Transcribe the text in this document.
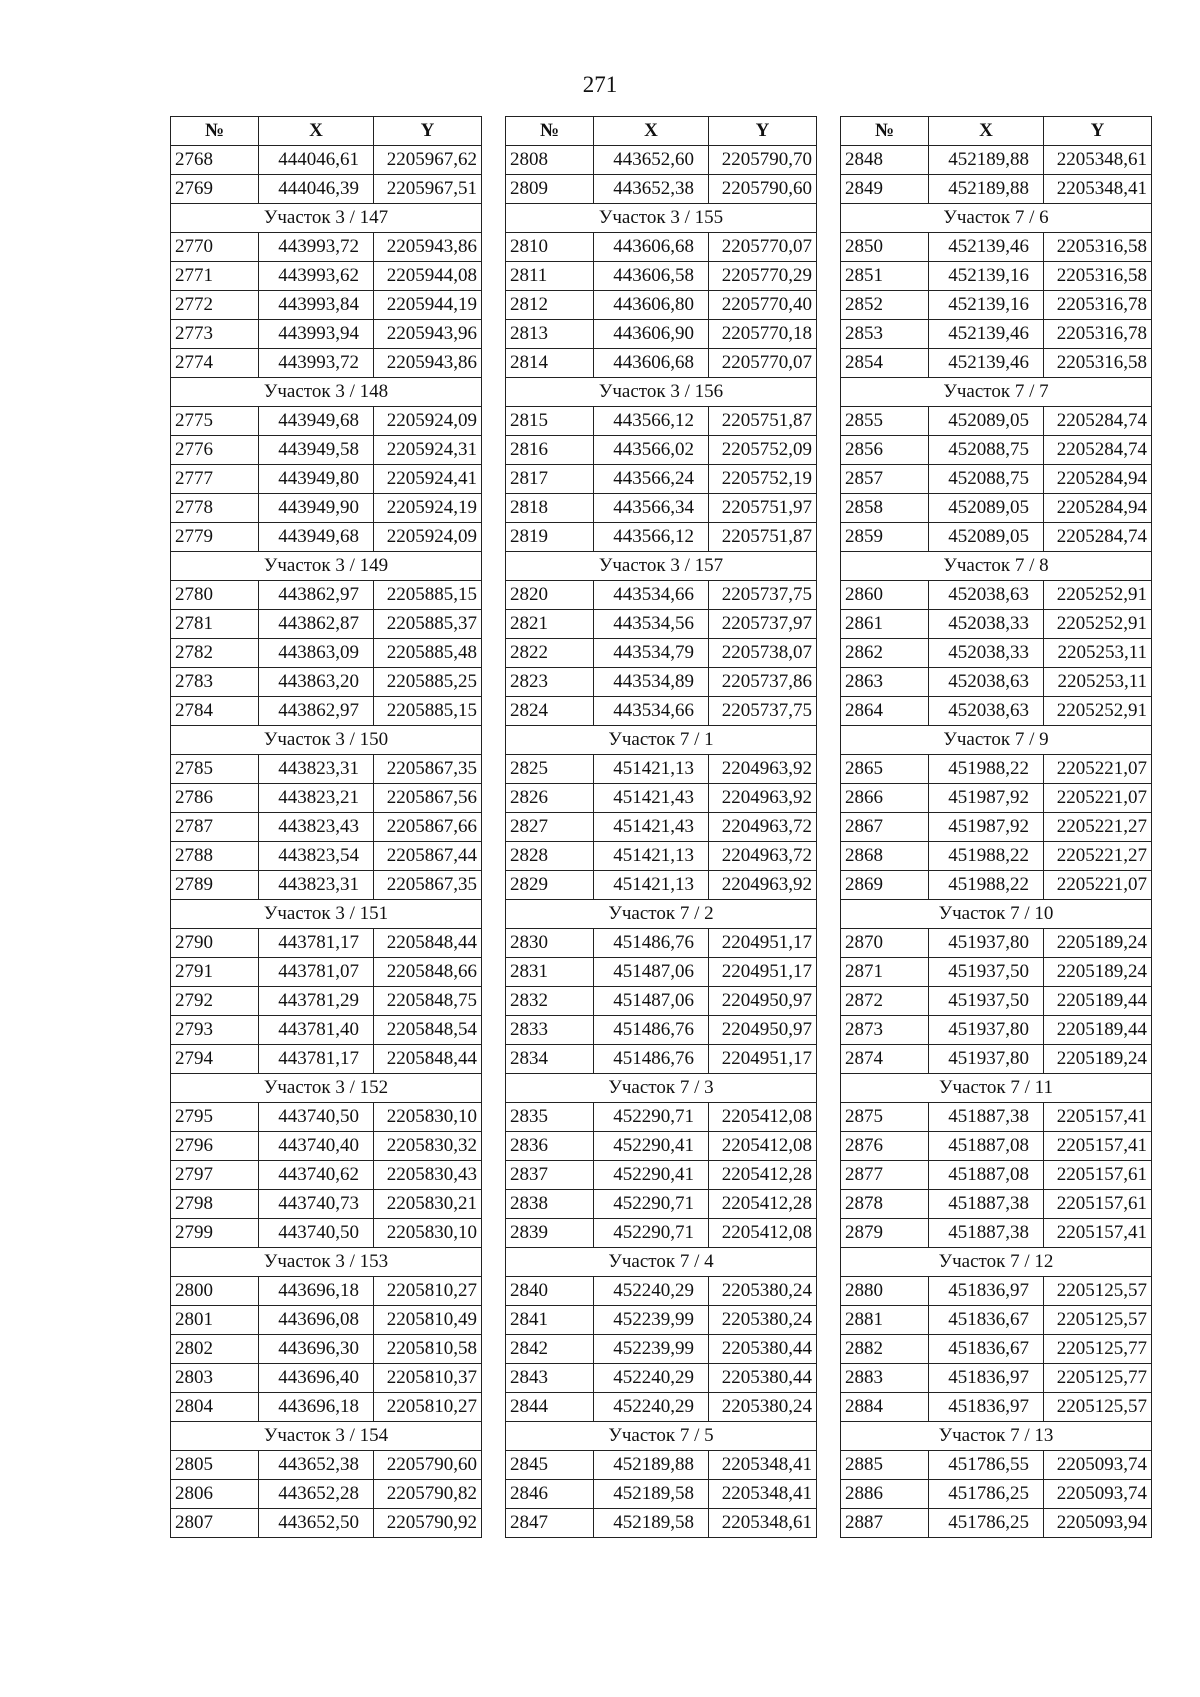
271
№	X	Y
2768	444046,61	2205967,62
2769	444046,39	2205967,51
Участок 3 / 147		
2770	443993,72	2205943,86
2771	443993,62	2205944,08
2772	443993,84	2205944,19
2773	443993,94	2205943,96
2774	443993,72	2205943,86
Участок 3 / 148		
2775	443949,68	2205924,09
2776	443949,58	2205924,31
2777	443949,80	2205924,41
2778	443949,90	2205924,19
2779	443949,68	2205924,09
Участок 3 / 149		
2780	443862,97	2205885,15
2781	443862,87	2205885,37
2782	443863,09	2205885,48
2783	443863,20	2205885,25
2784	443862,97	2205885,15
Участок 3 / 150		
2785	443823,31	2205867,35
2786	443823,21	2205867,56
2787	443823,43	2205867,66
2788	443823,54	2205867,44
2789	443823,31	2205867,35
Участок 3 / 151		
2790	443781,17	2205848,44
2791	443781,07	2205848,66
2792	443781,29	2205848,75
2793	443781,40	2205848,54
2794	443781,17	2205848,44
Участок 3 / 152		
2795	443740,50	2205830,10
2796	443740,40	2205830,32
2797	443740,62	2205830,43
2798	443740,73	2205830,21
2799	443740,50	2205830,10
Участок 3 / 153		
2800	443696,18	2205810,27
2801	443696,08	2205810,49
2802	443696,30	2205810,58
2803	443696,40	2205810,37
2804	443696,18	2205810,27
Участок 3 / 154		
2805	443652,38	2205790,60
2806	443652,28	2205790,82
2807	443652,50	2205790,92
№	X	Y
2808	443652,60	2205790,70
2809	443652,38	2205790,60
Участок 3 / 155		
2810	443606,68	2205770,07
2811	443606,58	2205770,29
2812	443606,80	2205770,40
2813	443606,90	2205770,18
2814	443606,68	2205770,07
Участок 3 / 156		
2815	443566,12	2205751,87
2816	443566,02	2205752,09
2817	443566,24	2205752,19
2818	443566,34	2205751,97
2819	443566,12	2205751,87
Участок 3 / 157		
2820	443534,66	2205737,75
2821	443534,56	2205737,97
2822	443534,79	2205738,07
2823	443534,89	2205737,86
2824	443534,66	2205737,75
Участок 7 / 1		
2825	451421,13	2204963,92
2826	451421,43	2204963,92
2827	451421,43	2204963,72
2828	451421,13	2204963,72
2829	451421,13	2204963,92
Участок 7 / 2		
2830	451486,76	2204951,17
2831	451487,06	2204951,17
2832	451487,06	2204950,97
2833	451486,76	2204950,97
2834	451486,76	2204951,17
Участок 7 / 3		
2835	452290,71	2205412,08
2836	452290,41	2205412,08
2837	452290,41	2205412,28
2838	452290,71	2205412,28
2839	452290,71	2205412,08
Участок 7 / 4		
2840	452240,29	2205380,24
2841	452239,99	2205380,24
2842	452239,99	2205380,44
2843	452240,29	2205380,44
2844	452240,29	2205380,24
Участок 7 / 5		
2845	452189,88	2205348,41
2846	452189,58	2205348,41
2847	452189,58	2205348,61
№	X	Y
2848	452189,88	2205348,61
2849	452189,88	2205348,41
Участок 7 / 6		
2850	452139,46	2205316,58
2851	452139,16	2205316,58
2852	452139,16	2205316,78
2853	452139,46	2205316,78
2854	452139,46	2205316,58
Участок 7 / 7		
2855	452089,05	2205284,74
2856	452088,75	2205284,74
2857	452088,75	2205284,94
2858	452089,05	2205284,94
2859	452089,05	2205284,74
Участок 7 / 8		
2860	452038,63	2205252,91
2861	452038,33	2205252,91
2862	452038,33	2205253,11
2863	452038,63	2205253,11
2864	452038,63	2205252,91
Участок 7 / 9		
2865	451988,22	2205221,07
2866	451987,92	2205221,07
2867	451987,92	2205221,27
2868	451988,22	2205221,27
2869	451988,22	2205221,07
Участок 7 / 10		
2870	451937,80	2205189,24
2871	451937,50	2205189,24
2872	451937,50	2205189,44
2873	451937,80	2205189,44
2874	451937,80	2205189,24
Участок 7 / 11		
2875	451887,38	2205157,41
2876	451887,08	2205157,41
2877	451887,08	2205157,61
2878	451887,38	2205157,61
2879	451887,38	2205157,41
Участок 7 / 12		
2880	451836,97	2205125,57
2881	451836,67	2205125,57
2882	451836,67	2205125,77
2883	451836,97	2205125,77
2884	451836,97	2205125,57
Участок 7 / 13		
2885	451786,55	2205093,74
2886	451786,25	2205093,74
2887	451786,25	2205093,94
